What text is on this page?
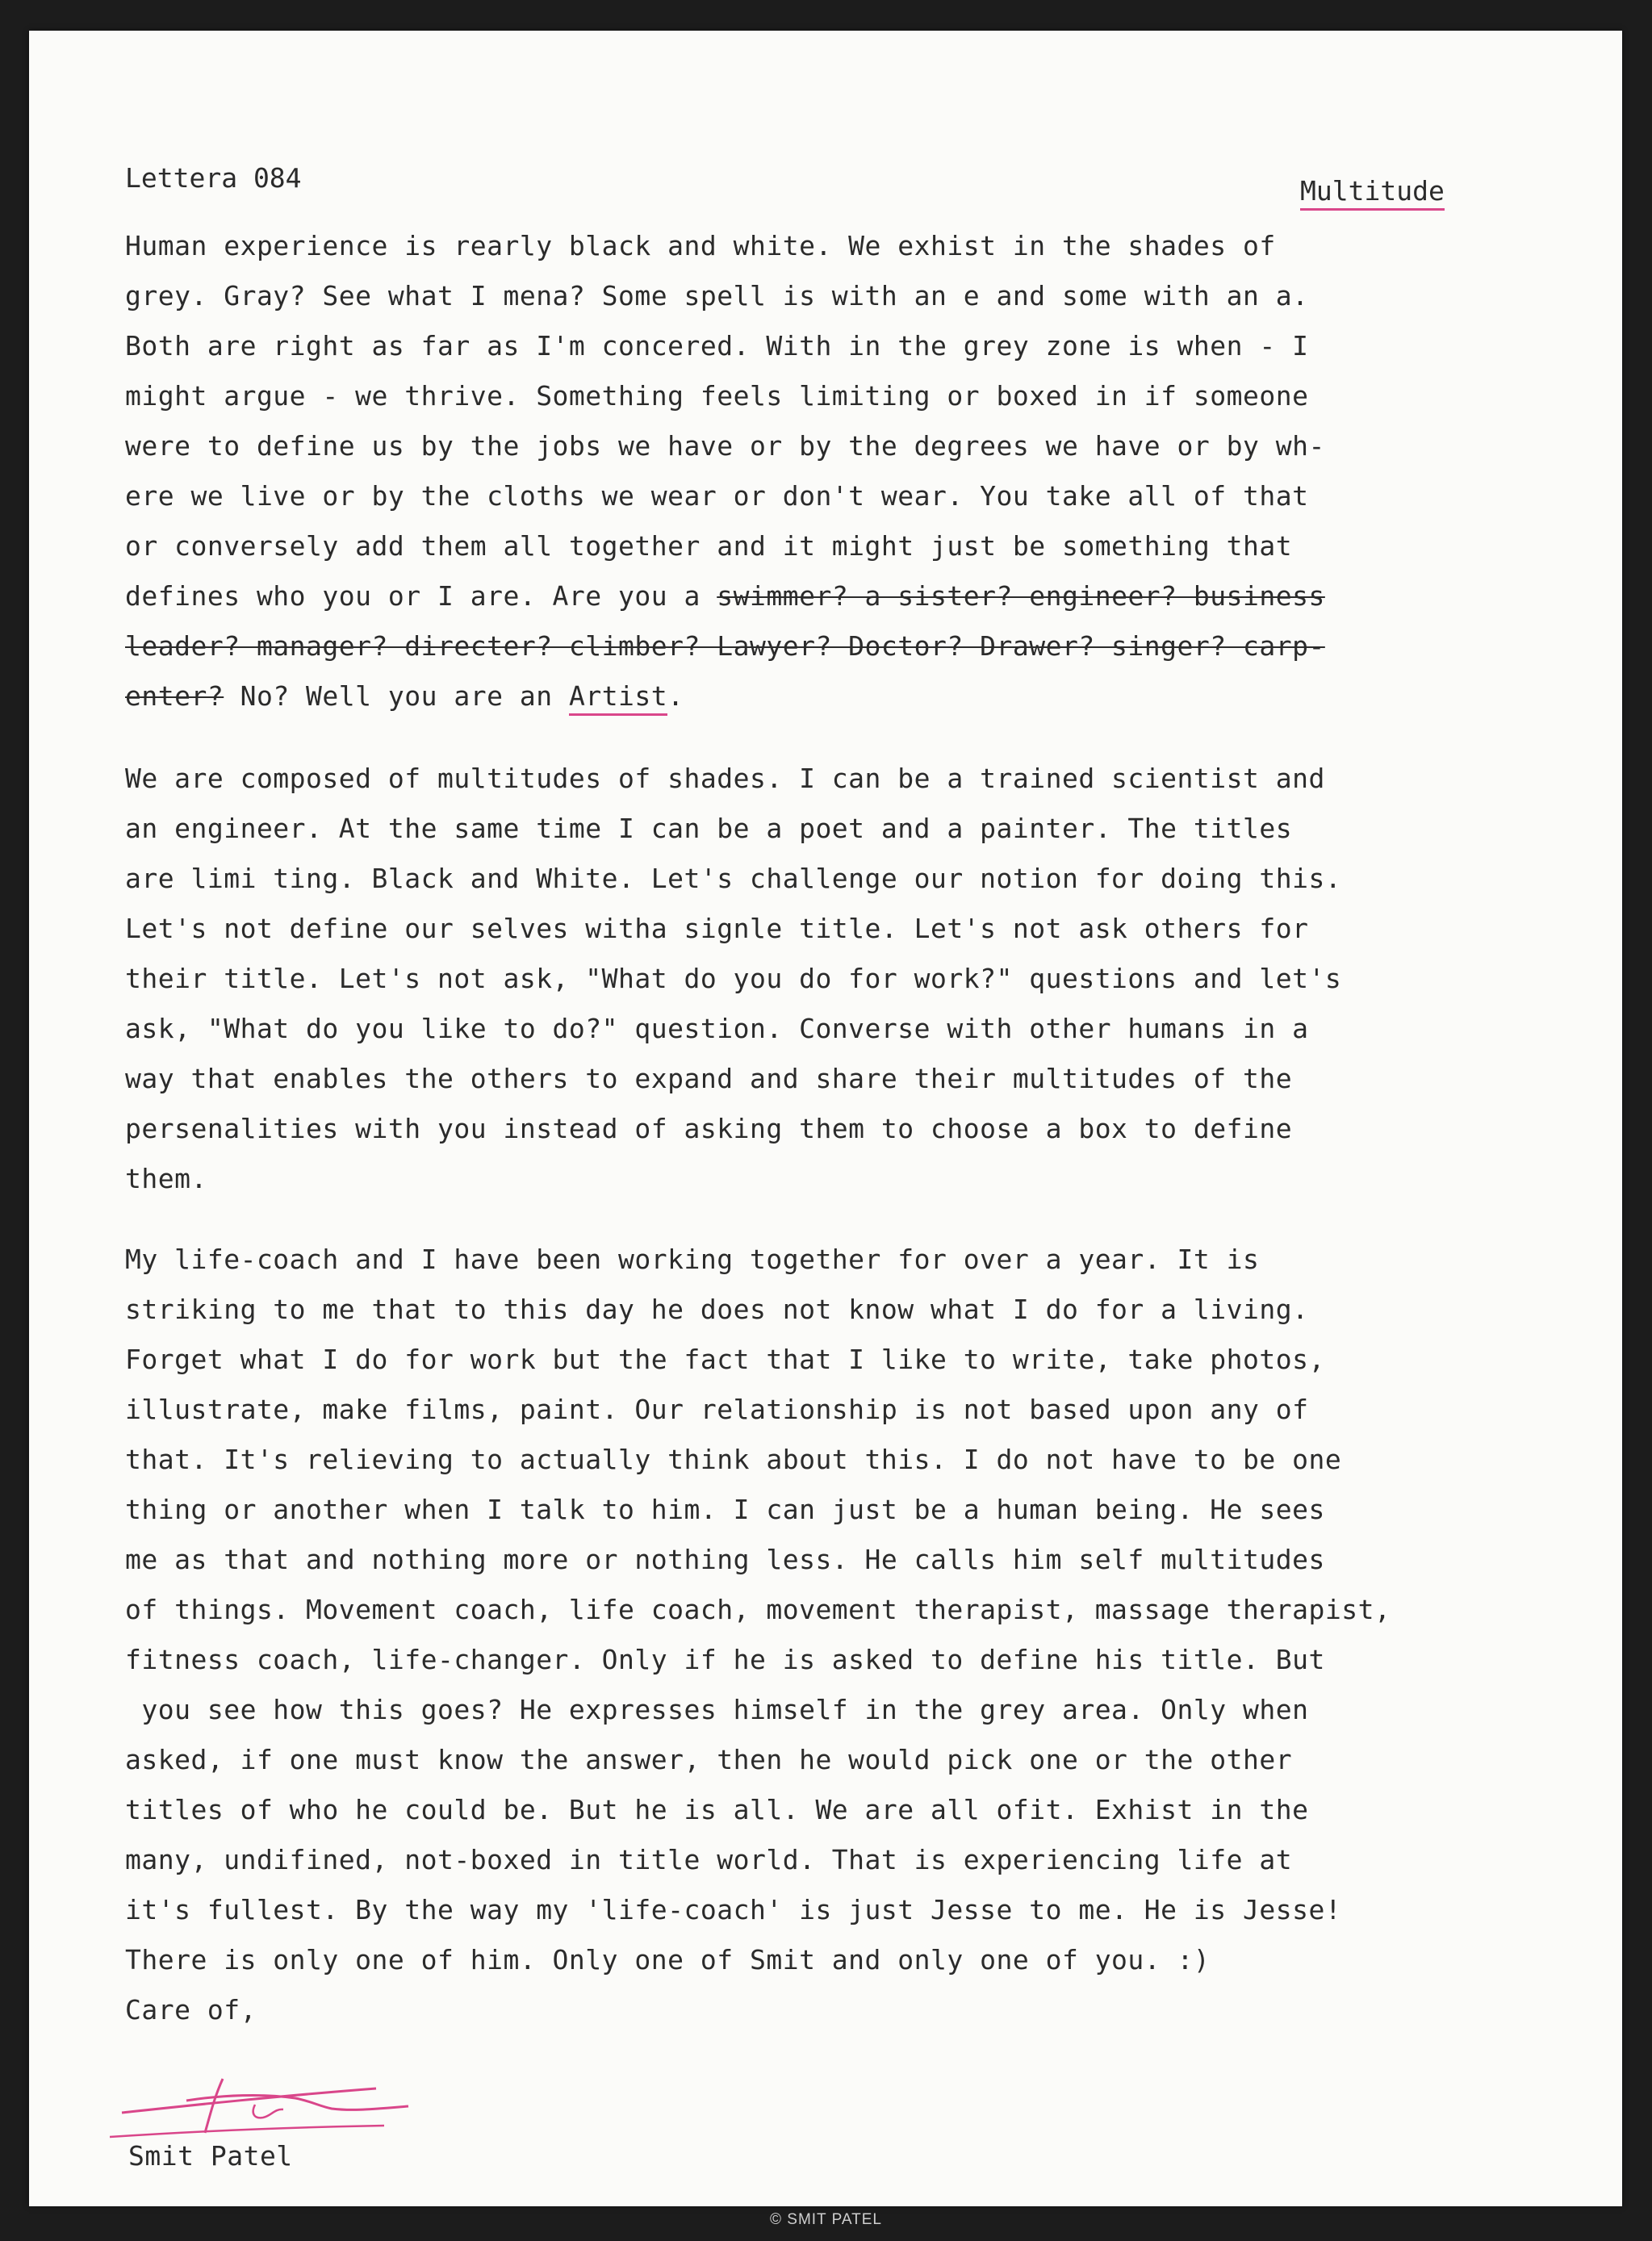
Lettera 084	Multitude
Human experience is rearly black and white. We exhist in the shades of
grey. Gray? See what I mena? Some spell is with an e and some with an a.
Both are right as far as I'm concered. With in the grey zone is when - I
might argue - we thrive. Something feels limiting or boxed in if someone
were to define us by the jobs we have or by the degrees we have or by wh-
ere we live or by the cloths we wear or don't wear. You take all of that
or conversely add them all together and it might just be something that
defines who you or I are. Are you a swimmer? a sister? engineer? business
leader? manager? directer? climber? Lawyer? Doctor? Drawer? singer? carp-
enter? No? Well you are an Artist.
We are composed of multitudes of shades. I can be a trained scientist and
an engineer. At the same time I can be a poet and a painter. The titles
are limi ting. Black and White. Let's challenge our notion for doing this.
Let's not define our selves witha signle title. Let's not ask others for
their title. Let's not ask, "What do you do for work?" questions and let's
ask, "What do you like to do?" question. Converse with other humans in a
way that enables the others to expand and share their multitudes of the
persenalities with you instead of asking them to choose a box to define
them.
My life-coach and I have been working together for over a year. It is
striking to me that to this day he does not know what I do for a living.
Forget what I do for work but the fact that I like to write, take photos,
illustrate, make films, paint. Our relationship is not based upon any of
that. It's relieving to actually think about this. I do not have to be one
thing or another when I talk to him. I can just be a human being. He sees
me as that and nothing more or nothing less. He calls him self multitudes
of things. Movement coach, life coach, movement therapist, massage therapist,
fitness coach, life-changer. Only if he is asked to define his title. But
you see how this goes? He expresses himself in the grey area. Only when
asked, if one must know the answer, then he would pick one or the other
titles of who he could be. But he is all. We are all ofit. Exhist in the
many, undifined, not-boxed in title world. That is experiencing life at
it's fullest. By the way my 'life-coach' is just Jesse to me. He is Jesse!
There is only one of him. Only one of Smit and only one of you. :)
Care of,
Smit Patel
© SMIT PATEL
